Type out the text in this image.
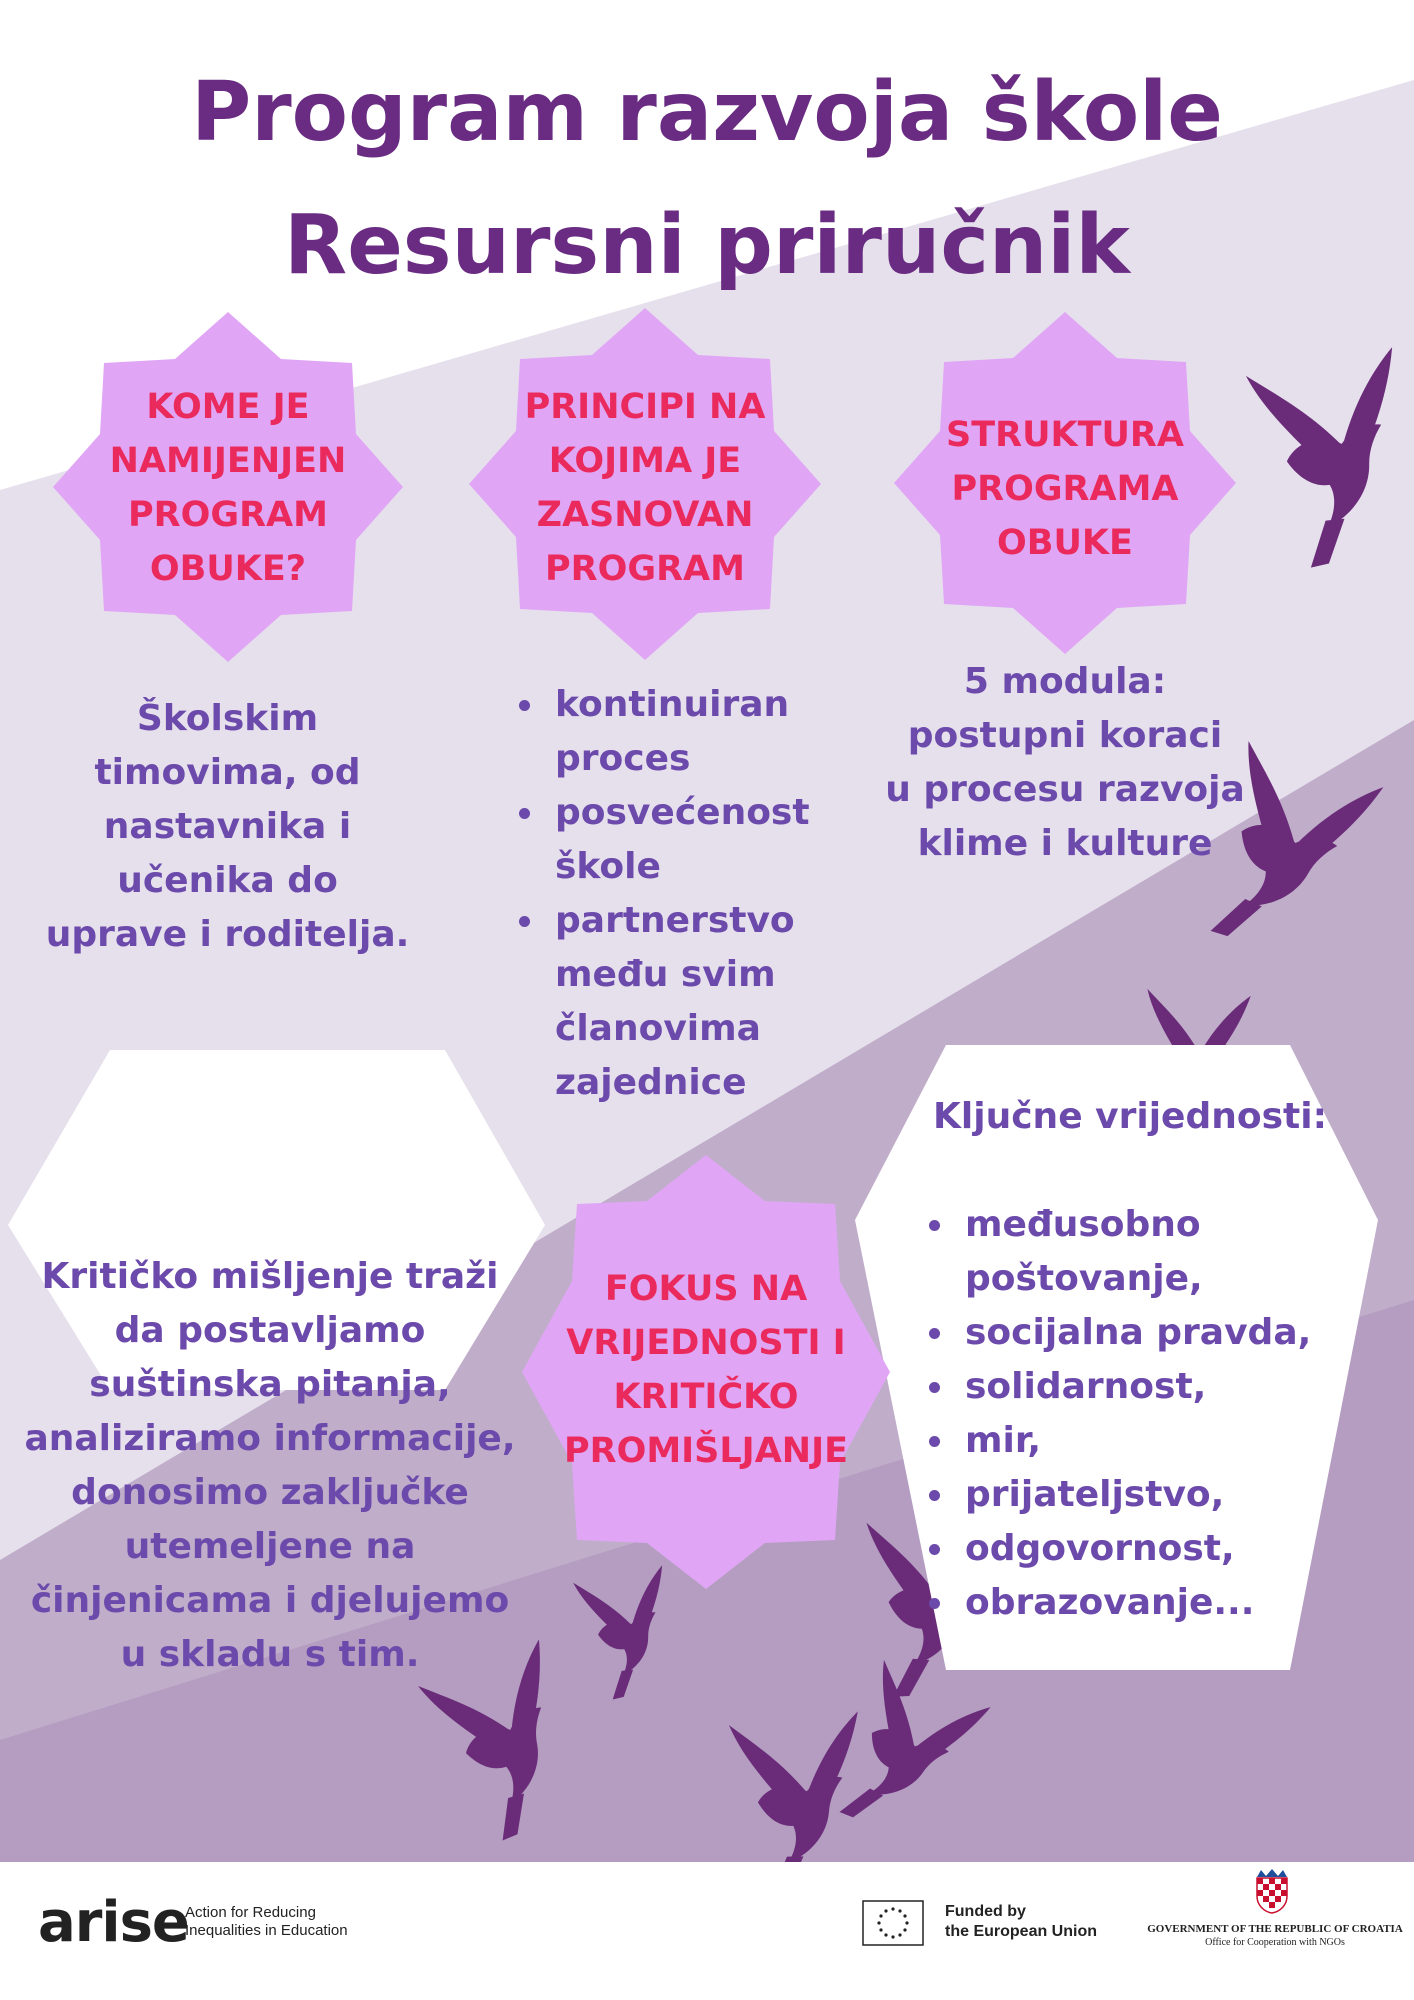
Program razvoja škole
Resursni priručnik
KOME JE
NAMIJENJEN
PROGRAM
OBUKE?
PRINCIPI NA
KOJIMA JE
ZASNOVAN
PROGRAM
STRUKTURA
PROGRAMA
OBUKE
FOKUS NA
VRIJEDNOSTI I
KRITIČKO
PROMIŠLJANJE
Školskim
timovima, od
nastavnika i
učenika do
uprave i roditelja.
kontinuiran
proces
posvećenost
škole
partnerstvo
među svim
članovima
zajednice
5 modula:
postupni koraci
u procesu razvoja
klime i kulture
Kritičko mišljenje traži
da postavljamo
suštinska pitanja,
analiziramo informacije,
donosimo zaključke
utemeljene na
činjenicama i djelujemo
u skladu s tim.
Ključne vrijednosti:
međusobno poštovanje,
socijalna pravda,
solidarnost,
mir,
prijateljstvo,
odgovornost,
obrazovanje...
arise
Action for Reducing
Inequalities in Education
Funded by
the European Union	GOVERNMENT OF THE REPUBLIC OF CROATIA
Office for Cooperation with NGOs
